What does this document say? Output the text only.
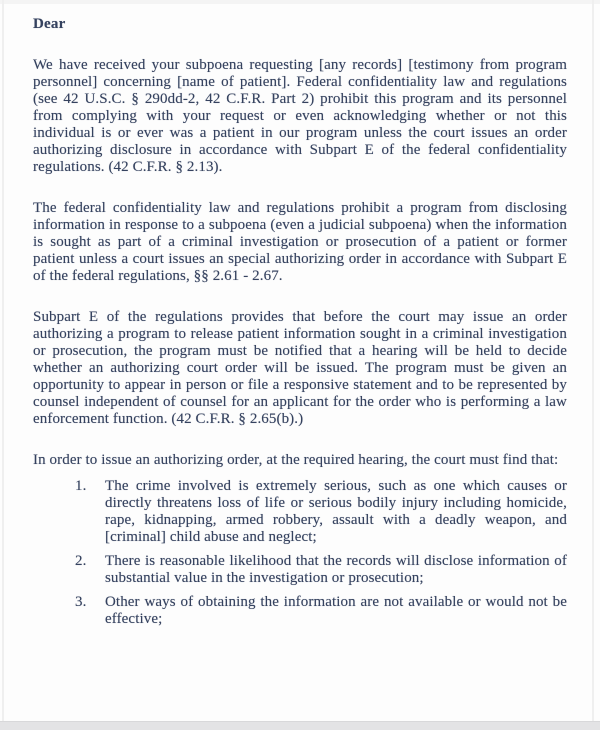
Dear

We have received your subpoena requesting [any records] [testimony from program personnel] concerning [name of patient]. Federal confidentiality law and regulations (see 42 U.S.C. § 290dd-2, 42 C.F.R. Part 2) prohibit this program and its personnel from complying with your request or even acknowledging whether or not this individual is or ever was a patient in our program unless the court issues an order authorizing disclosure in accordance with Subpart E of the federal confidentiality regulations. (42 C.F.R. § 2.13).

The federal confidentiality law and regulations prohibit a program from disclosing information in response to a subpoena (even a judicial subpoena) when the information is sought as part of a criminal investigation or prosecution of a patient or former patient unless a court issues an special authorizing order in accordance with Subpart E of the federal regulations, §§ 2.61 - 2.67.

Subpart E of the regulations provides that before the court may issue an order authorizing a program to release patient information sought in a criminal investigation or prosecution, the program must be notified that a hearing will be held to decide whether an authorizing court order will be issued. The program must be given an opportunity to appear in person or file a responsive statement and to be represented by counsel independent of counsel for an applicant for the order who is performing a law enforcement function. (42 C.F.R. § 2.65(b).)

In order to issue an authorizing order, at the required hearing, the court must find that:

1.	The crime involved is extremely serious, such as one which causes or directly threatens loss of life or serious bodily injury including homicide, rape, kidnapping, armed robbery, assault with a deadly weapon, and [criminal] child abuse and neglect;
2.	There is reasonable likelihood that the records will disclose information of substantial value in the investigation or prosecution;
3.	Other ways of obtaining the information are not available or would not be effective;
